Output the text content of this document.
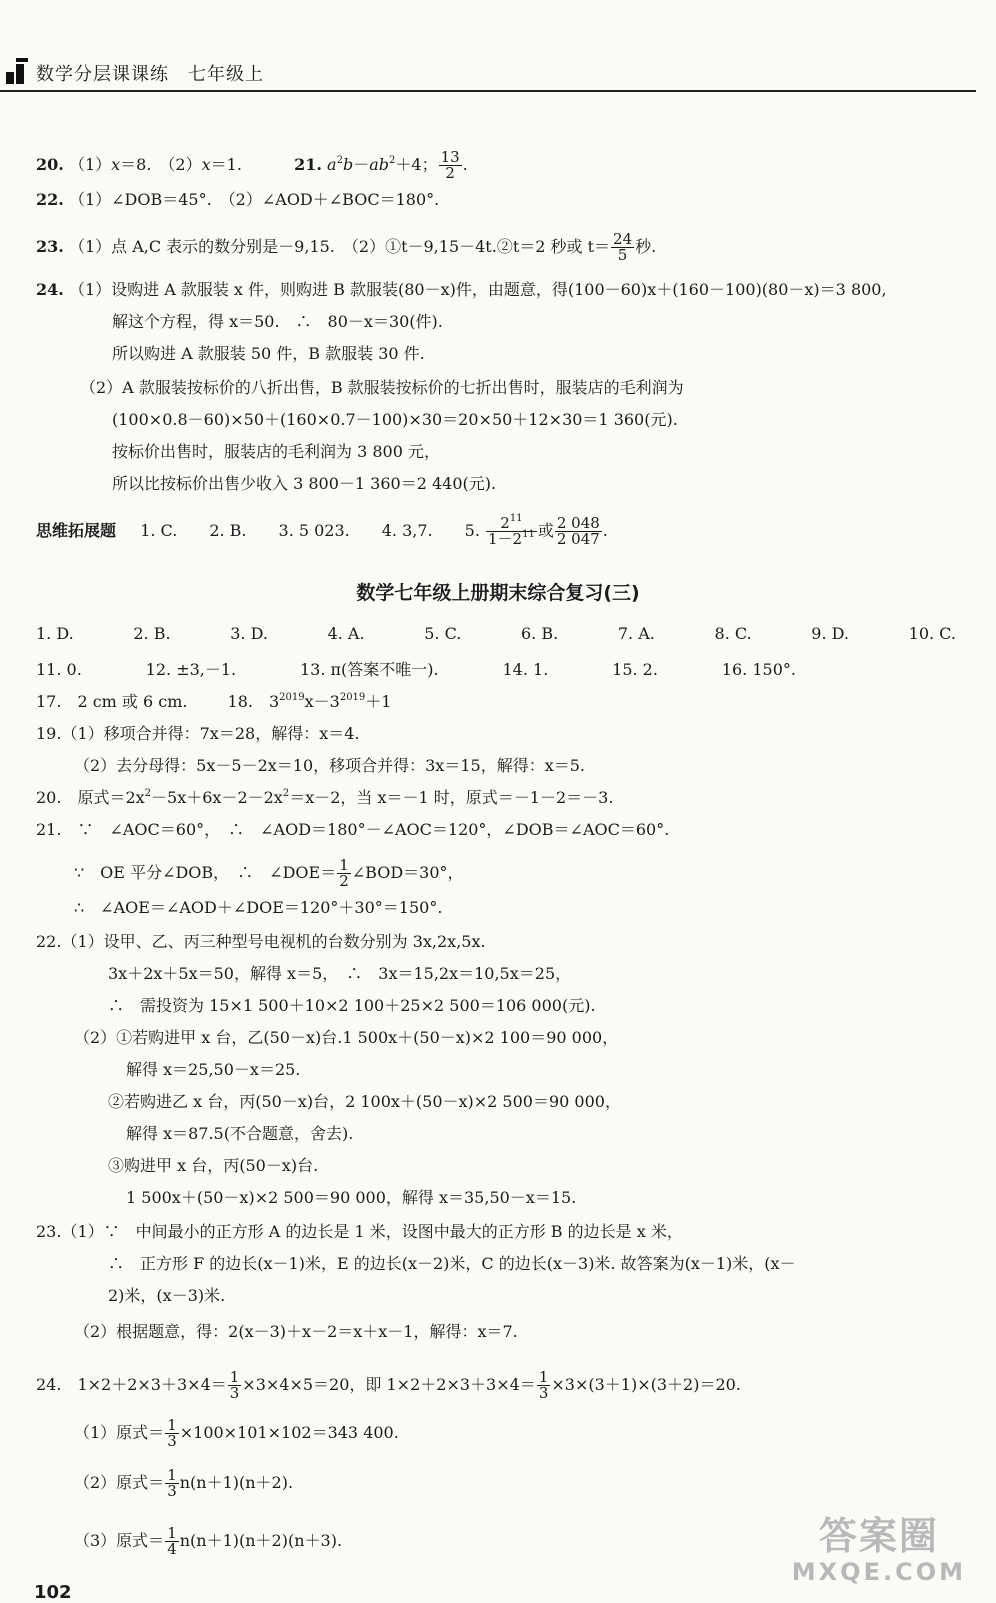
数学分层课课练　七年级上
20. （1）x＝8.　（2）x＝1.	21. $a^2b-ab^2+4$； $\frac{13}{2}$ .
22. （1）∠DOB＝45°.　（2）∠AOD＋∠BOC＝180°.
23. （1）点 A,C 表示的数分别是－9,15.　（2）①t－9,15－4t.②t＝2 秒或 $t= \frac{24}{5}$ 秒.
24. （1）设购进 A 款服装 x 件，则购进 B 款服装(80－x)件，由题意，得(100－60)x＋(160－100)(80－x)＝3 800,
解这个方程，得 x＝50.　∴　80－x＝30(件).
所以购进 A 款服装 50 件，B 款服装 30 件.
（2）A 款服装按标价的八折出售，B 款服装按标价的七折出售时，服装店的毛利润为
(100×0.8－60)×50＋(160×0.7－100)×30＝20×50＋12×30＝1 360(元).
按标价出售时，服装店的毛利润为 3 800 元，
所以比按标价出售少收入 3 800－1 360＝2 440(元).
思维拓展题 1. C.　　2. B.　　3. 5 023.　　4. 3,7.　　5. $\frac{2^{11}}{1-2^{11}}$ 或 $\frac{2 048}{2 047}$ .
数学七年级上册期末综合复习(三)
1. D.	2. B.	3. D.	4. A.	5. C.	6. B.	7. A.	8. C.	9. D.	10. C.
11. 0.	12. ±3,－1.	13. π(答案不唯一).	14. 1.	15. 2.	16. 150°.
17.　2 cm 或 6 cm.	18.　$3^{2019}x-3^{2019}+1$
19.（1）移项合并得：7x＝28，解得：x＝4.
（2）去分母得：5x－5－2x＝10，移项合并得：3x＝15，解得：x＝5.
20.　原式$=2x^2-5x+6x-2-2x^2=x-2$，当 x＝－1 时，原式＝－1－2＝－3.
21.　∵　∠AOC＝60°，　∴　∠AOD＝180°－∠AOC＝120°，∠DOB＝∠AOC＝60°.
∵　OE 平分∠DOB，　∴　∠DOE＝ $\frac{1}{2}$ ∠BOD＝30°，
∴　∠AOE＝∠AOD＋∠DOE＝120°＋30°＝150°.
22.（1）设甲、乙、丙三种型号电视机的台数分别为 3x,2x,5x.
3x＋2x＋5x＝50，解得 x＝5，　∴　3x＝15,2x＝10,5x＝25，
∴　需投资为 15×1 500＋10×2 100＋25×2 500＝106 000(元).
（2）①若购进甲 x 台，乙(50－x)台.1 500x＋(50－x)×2 100＝90 000，
解得 x＝25,50－x＝25.
②若购进乙 x 台，丙(50－x)台，2 100x＋(50－x)×2 500＝90 000，
解得 x＝87.5(不合题意，舍去).
③购进甲 x 台，丙(50－x)台.
1 500x＋(50－x)×2 500＝90 000，解得 x＝35,50－x＝15.
23.（1）∵　中间最小的正方形 A 的边长是 1 米，设图中最大的正方形 B 的边长是 x 米，
∴　正方形 F 的边长(x－1)米，E 的边长(x－2)米，C 的边长(x－3)米. 故答案为(x－1)米，(x－
2)米，(x－3)米.
（2）根据题意，得：2(x－3)＋x－2＝x＋x－1，解得：x＝7.
24.　$1\times 2+2\times 3+3\times 4= \frac{1}{3} \times 3\times 4\times 5=20$，即 $1\times 2+2\times 3+3\times 4= \frac{1}{3} \times 3\times(3+1)\times(3+2)=20$.
（1）原式＝ $\frac{1}{3} \times 100\times 101\times 102=343$ 400.
（2）原式＝ $\frac{1}{3} n(n+1)(n+2)$.
（3）原式＝ $\frac{1}{4} n(n+1)(n+2)(n+3)$.
102
答案圈
MXQE.COM
